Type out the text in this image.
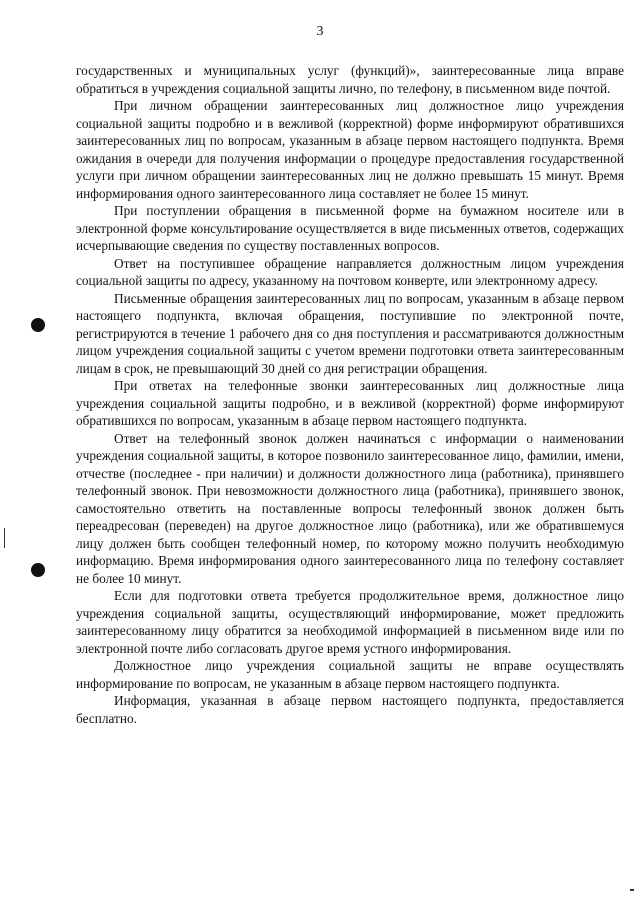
3

государственных и муниципальных услуг (функций)», заинтересованные лица вправе обратиться в учреждения социальной защиты лично, по телефону, в письменном виде почтой.

При личном обращении заинтересованных лиц должностное лицо учреждения социальной защиты подробно и в вежливой (корректной) форме информируют обратившихся заинтересованных лиц по вопросам, указанным в абзаце первом настоящего подпункта. Время ожидания в очереди для получения информации о процедуре предоставления государственной услуги при личном обращении заинтересованных лиц не должно превышать 15 минут. Время информирования одного заинтересованного лица составляет не более 15 минут.

При поступлении обращения в письменной форме на бумажном носителе или в электронной форме консультирование осуществляется в виде письменных ответов, содержащих исчерпывающие сведения по существу поставленных вопросов.

Ответ на поступившее обращение направляется должностным лицом учреждения социальной защиты по адресу, указанному на почтовом конверте, или электронному адресу.

Письменные обращения заинтересованных лиц по вопросам, указанным в абзаце первом настоящего подпункта, включая обращения, поступившие по электронной почте, регистрируются в течение 1 рабочего дня со дня поступления и рассматриваются должностным лицом учреждения социальной защиты с учетом времени подготовки ответа заинтересованным лицам в срок, не превышающий 30 дней со дня регистрации обращения.

При ответах на телефонные звонки заинтересованных лиц должностные лица учреждения социальной защиты подробно, и в вежливой (корректной) форме информируют обратившихся по вопросам, указанным в абзаце первом настоящего подпункта.

Ответ на телефонный звонок должен начинаться с информации о наименовании учреждения социальной защиты, в которое позвонило заинтересованное лицо, фамилии, имени, отчестве (последнее - при наличии) и должности должностного лица (работника), принявшего телефонный звонок. При невозможности должностного лица (работника), принявшего звонок, самостоятельно ответить на поставленные вопросы телефонный звонок должен быть переадресован (переведен) на другое должностное лицо (работника), или же обратившемуся лицу должен быть сообщен телефонный номер, по которому можно получить необходимую информацию. Время информирования одного заинтересованного лица по телефону составляет не более 10 минут.

Если для подготовки ответа требуется продолжительное время, должностное лицо учреждения социальной защиты, осуществляющий информирование, может предложить заинтересованному лицу обратится за необходимой информацией в письменном виде или по электронной почте либо согласовать другое время устного информирования.

Должностное лицо учреждения социальной защиты не вправе осуществлять информирование по вопросам, не указанным в абзаце первом настоящего подпункта.

Информация, указанная в абзаце первом настоящего подпункта, предоставляется бесплатно.
